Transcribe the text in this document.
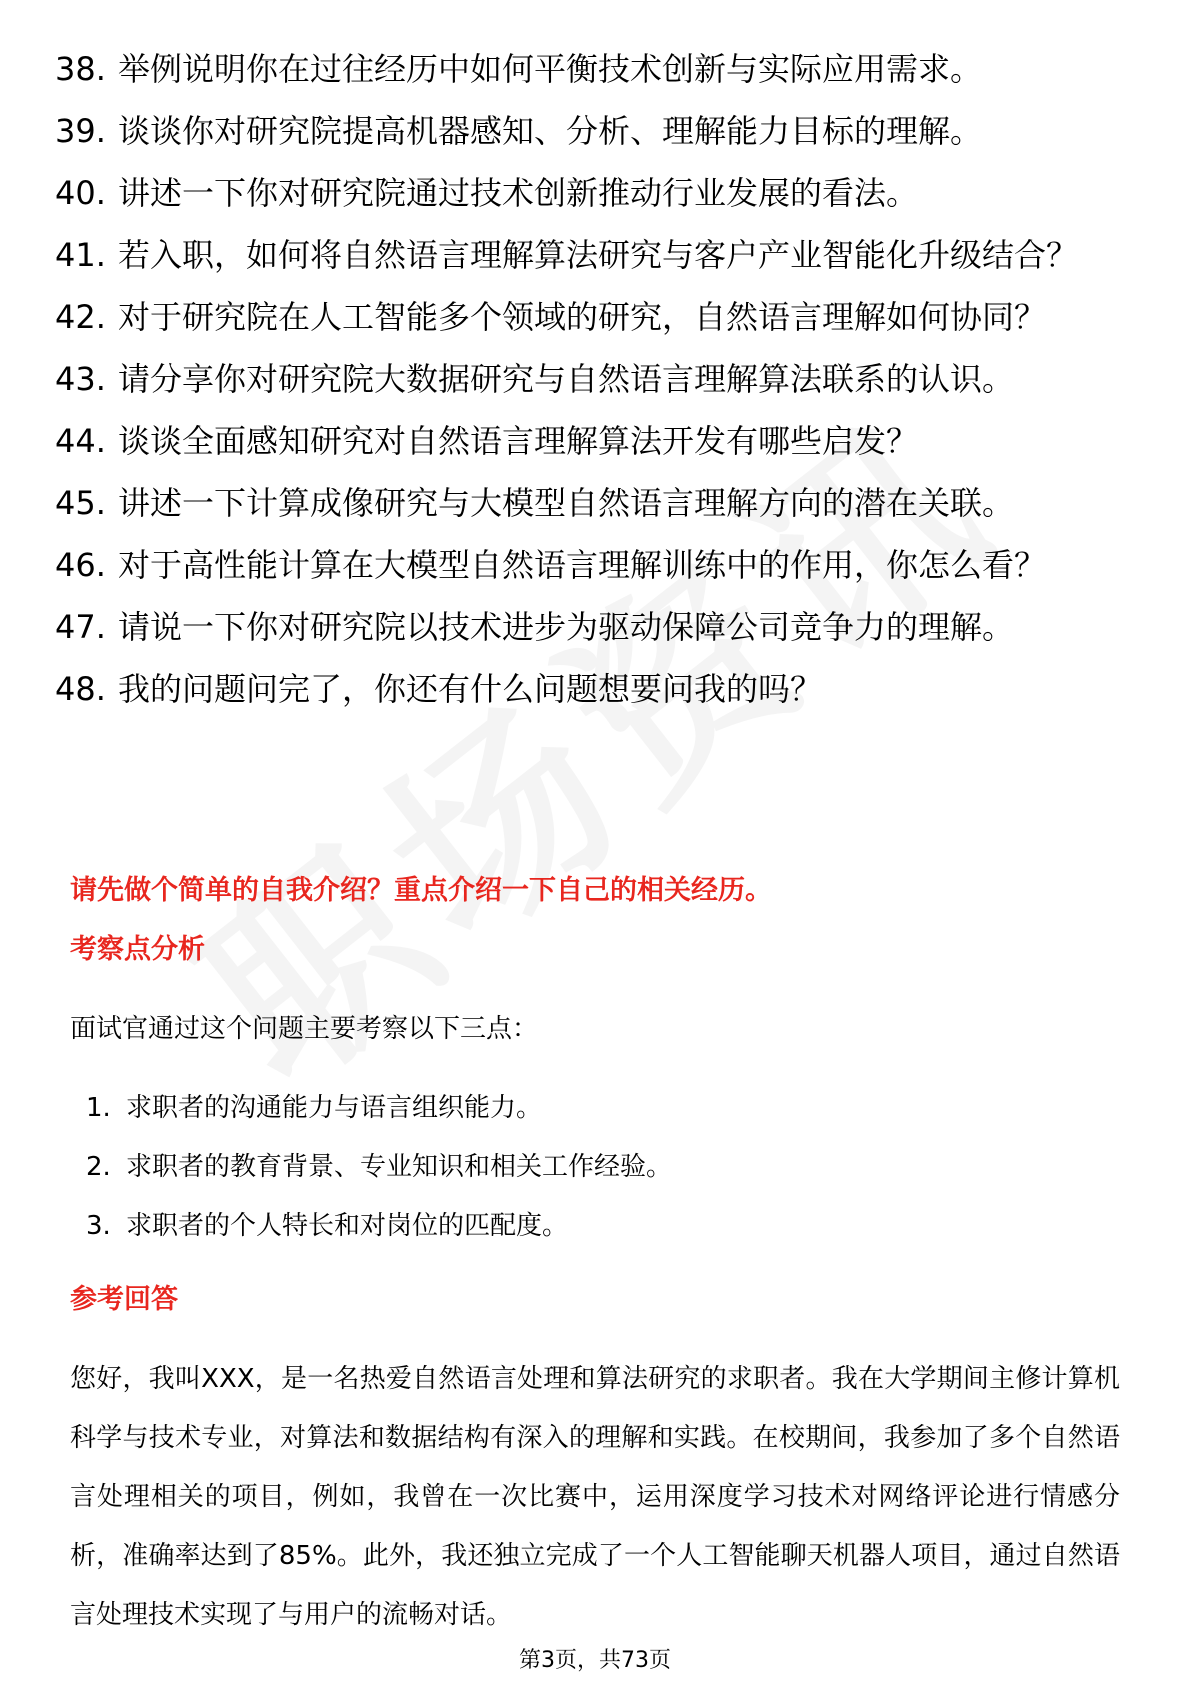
38. 举例说明你在过往经历中如何平衡技术创新与实际应用需求。
39. 谈谈你对研究院提高机器感知、分析、理解能力目标的理解。
40. 讲述一下你对研究院通过技术创新推动行业发展的看法。
41. 若入职，如何将自然语言理解算法研究与客户产业智能化升级结合？
42. 对于研究院在人工智能多个领域的研究，自然语言理解如何协同？
43. 请分享你对研究院大数据研究与自然语言理解算法联系的认识。
44. 谈谈全面感知研究对自然语言理解算法开发有哪些启发？
45. 讲述一下计算成像研究与大模型自然语言理解方向的潜在关联。
46. 对于高性能计算在大模型自然语言理解训练中的作用，你怎么看？
47. 请说一下你对研究院以技术进步为驱动保障公司竞争力的理解。
48. 我的问题问完了，你还有什么问题想要问我的吗？
请先做个简单的自我介绍？重点介绍一下自己的相关经历。
考察点分析
面试官通过这个问题主要考察以下三点：
1. 求职者的沟通能力与语言组织能力。
2. 求职者的教育背景、专业知识和相关工作经验。
3. 求职者的个人特长和对岗位的匹配度。
参考回答
您好，我叫XXX，是一名热爱自然语言处理和算法研究的求职者。我在大学期间主修计算机科学与技术专业，对算法和数据结构有深入的理解和实践。在校期间，我参加了多个自然语言处理相关的项目，例如，我曾在一次比赛中，运用深度学习技术对网络评论进行情感分析，准确率达到了85%。此外，我还独立完成了一个人工智能聊天机器人项目，通过自然语言处理技术实现了与用户的流畅对话。
第3页，共73页
